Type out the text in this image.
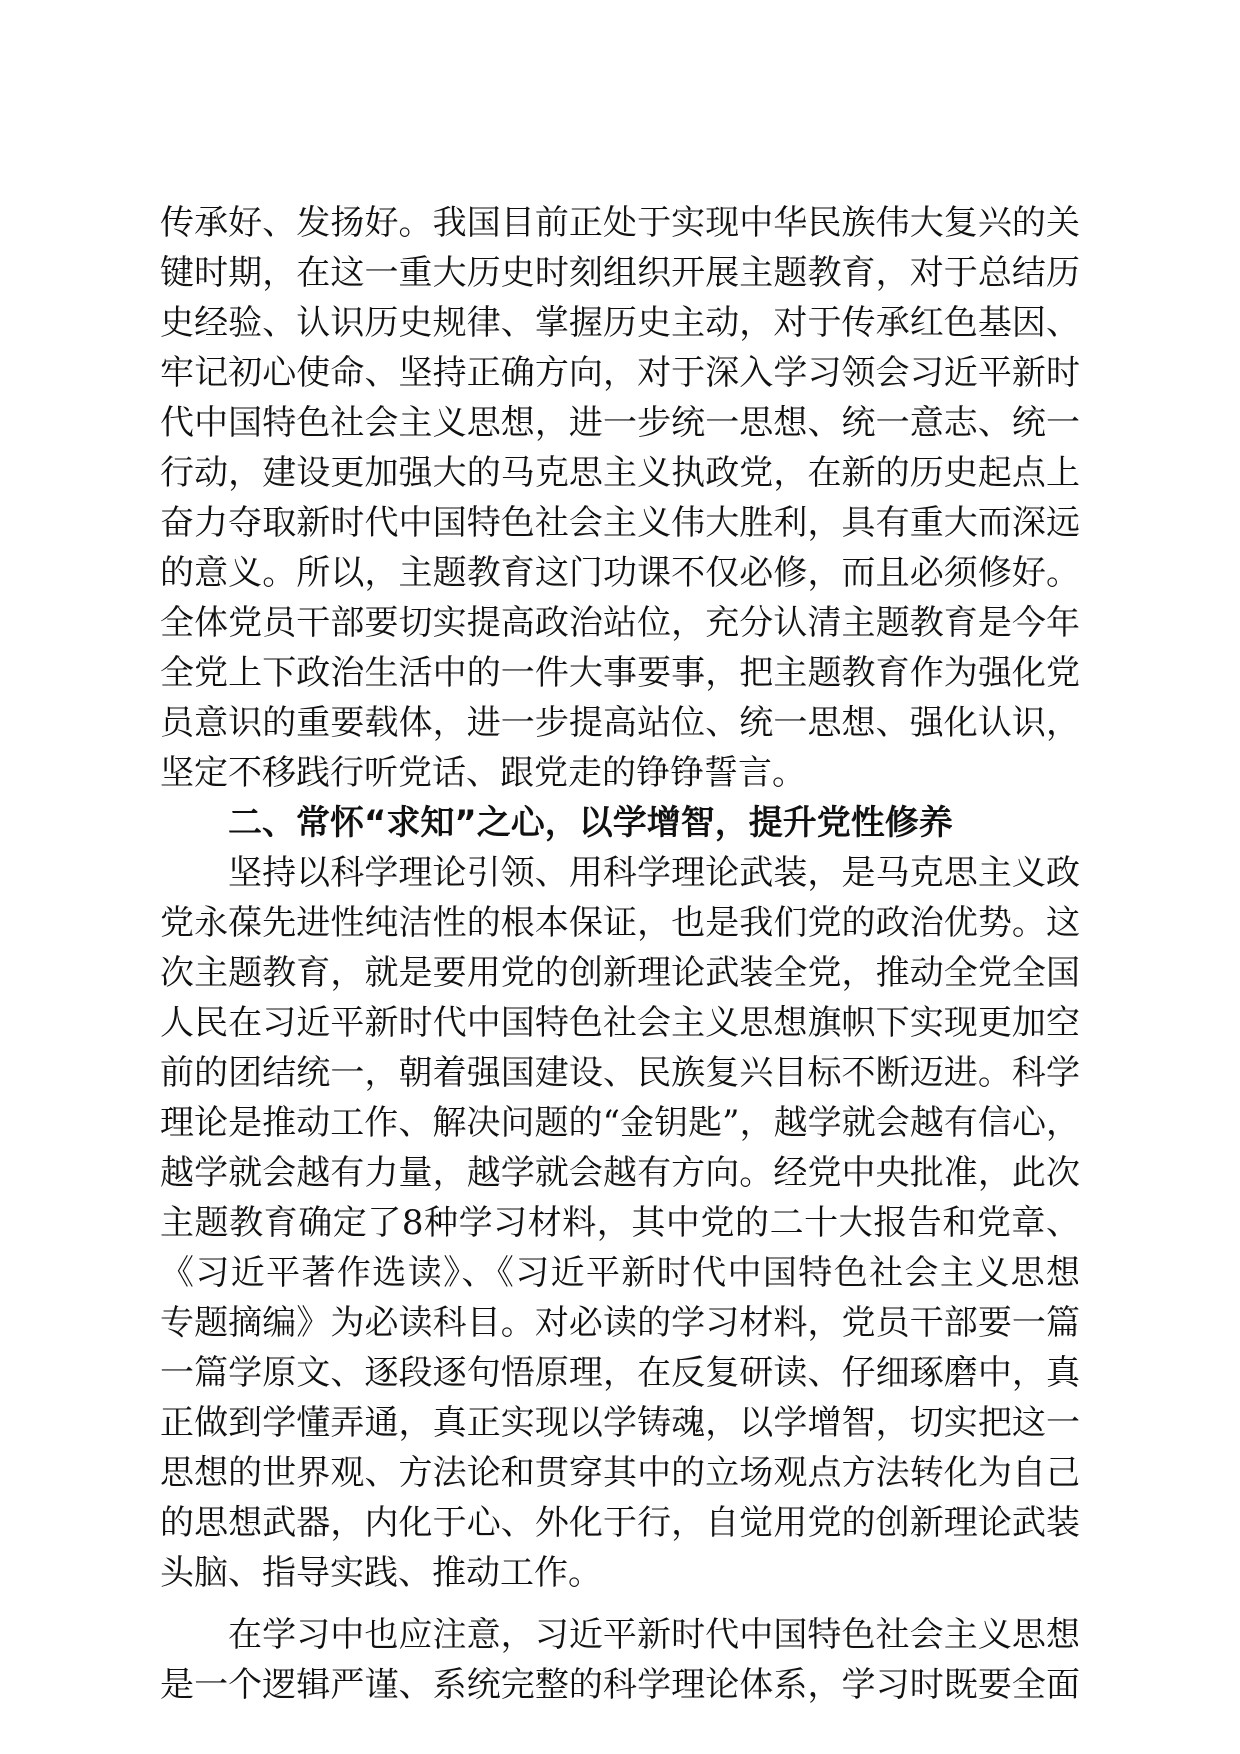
传承好、发扬好。我国目前正处于实现中华民族伟大复兴的关
键时期，在这一重大历史时刻组织开展主题教育，对于总结历
史经验、认识历史规律、掌握历史主动，对于传承红色基因、
牢记初心使命、坚持正确方向，对于深入学习领会习近平新时
代中国特色社会主义思想，进一步统一思想、统一意志、统一
行动，建设更加强大的马克思主义执政党，在新的历史起点上
奋力夺取新时代中国特色社会主义伟大胜利，具有重大而深远
的意义。所以，主题教育这门功课不仅必修，而且必须修好。
全体党员干部要切实提高政治站位，充分认清主题教育是今年
全党上下政治生活中的一件大事要事，把主题教育作为强化党
员意识的重要载体，进一步提高站位、统一思想、强化认识，
坚定不移践行听党话、跟党走的铮铮誓言。
二、常怀“求知”之心，以学增智，提升党性修养
坚持以科学理论引领、用科学理论武装，是马克思主义政
党永葆先进性纯洁性的根本保证，也是我们党的政治优势。这
次主题教育，就是要用党的创新理论武装全党，推动全党全国
人民在习近平新时代中国特色社会主义思想旗帜下实现更加空
前的团结统一，朝着强国建设、民族复兴目标不断迈进。科学
理论是推动工作、解决问题的“金钥匙”，越学就会越有信心，
越学就会越有力量，越学就会越有方向。经党中央批准，此次
主题教育确定了8种学习材料，其中党的二十大报告和党章、
《习近平著作选读》、《习近平新时代中国特色社会主义思想
专题摘编》为必读科目。对必读的学习材料，党员干部要一篇
一篇学原文、逐段逐句悟原理，在反复研读、仔细琢磨中，真
正做到学懂弄通，真正实现以学铸魂，以学增智，切实把这一
思想的世界观、方法论和贯穿其中的立场观点方法转化为自己
的思想武器，内化于心、外化于行，自觉用党的创新理论武装
头脑、指导实践、推动工作。
在学习中也应注意，习近平新时代中国特色社会主义思想
是一个逻辑严谨、系统完整的科学理论体系，学习时既要全面
